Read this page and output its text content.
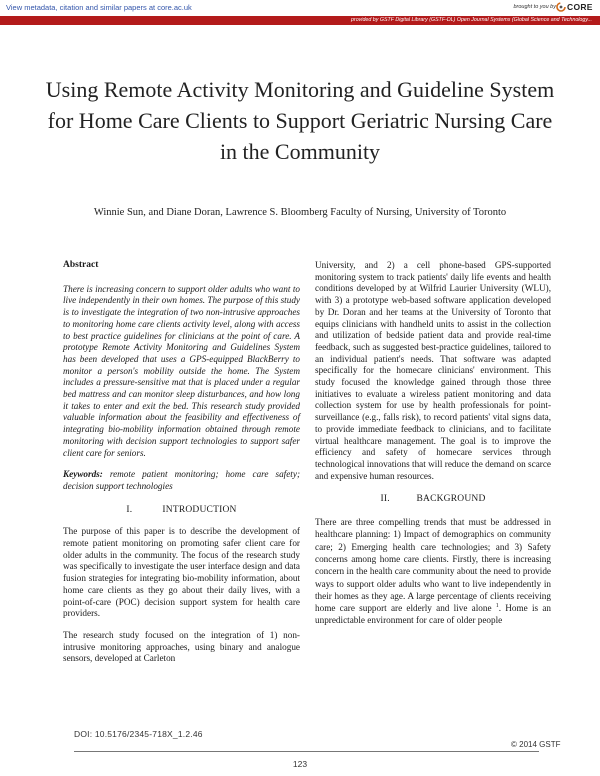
View metadata, citation and similar papers at core.ac.uk	brought to you by CORE
provided by GSTF Digital Library (GSTF-DL) Open Journal Systems (Global Science and Technology...
Using Remote Activity Monitoring and Guideline System for Home Care Clients to Support Geriatric Nursing Care in the Community
Winnie Sun, and Diane Doran, Lawrence S. Bloomberg Faculty of Nursing, University of Toronto

Abstract

There is increasing concern to support older adults who want to live independently in their own homes. The purpose of this study is to investigate the integration of two non-intrusive approaches to monitoring home care clients activity level, along with access to best practice guidelines for clinicians at the point of care. A prototype Remote Activity Monitoring and Guidelines System has been developed that uses a GPS-equipped BlackBerry to monitor a person's mobility outside the home. The System includes a pressure-sensitive mat that is placed under a regular bed mattress and can monitor sleep disturbances, and how long it takes to enter and exit the bed. This research study provided valuable information about the feasibility and effectiveness of integrating bio-mobility information obtained through remote monitoring with decision support technologies to support safer client care for seniors.

Keywords: remote patient monitoring; home care safety; decision support technologies

I.	INTRODUCTION

The purpose of this paper is to describe the development of remote patient monitoring on promoting safer client care for older adults in the community. The focus of the research study was specifically to investigate the user interface design and data fusion strategies for integrating bio-mobility information, about home care clients as they go about their daily lives, with a point-of-care (POC) decision support system for health care providers.

The research study focused on the integration of 1) non-intrusive monitoring approaches, using binary and analogue sensors, developed at Carleton

University, and 2) a cell phone-based GPS-supported monitoring system to track patients' daily life events and health conditions developed by at Wilfrid Laurier University (WLU), with 3) a prototype web-based software application developed by Dr. Doran and her teams at the University of Toronto that equips clinicians with handheld units to assist in the collection and utilization of bedside patient data and provide real-time feedback, such as suggested best-practice guidelines, tailored to an individual patient's needs. That software was adapted specifically for the homecare clinicians' environment. This study focused the knowledge gained through those three initiatives to evaluate a wireless patient monitoring and data collection system for use by health professionals for point-surveillance (e.g., falls risk), to record patients' vital signs data, to provide immediate feedback to clinicians, and to facilitate virtual healthcare management. The goal is to improve the efficiency and safety of homecare services through technological innovations that will reduce the demand on scarce and expensive human resources.

II.	BACKGROUND

There are three compelling trends that must be addressed in healthcare planning: 1) Impact of demographics on community care; 2) Emerging health care technologies; and 3) Safety concerns among home care clients. Firstly, there is increasing concern in the health care community about the need to provide ways to support older adults who want to live independently in their homes as they age. A large percentage of clients receiving home care support are elderly and live alone $^1$. Home is an unpredictable environment for care of older people

DOI: 10.5176/2345-718X_1.2.46
© 2014 GSTF
123
